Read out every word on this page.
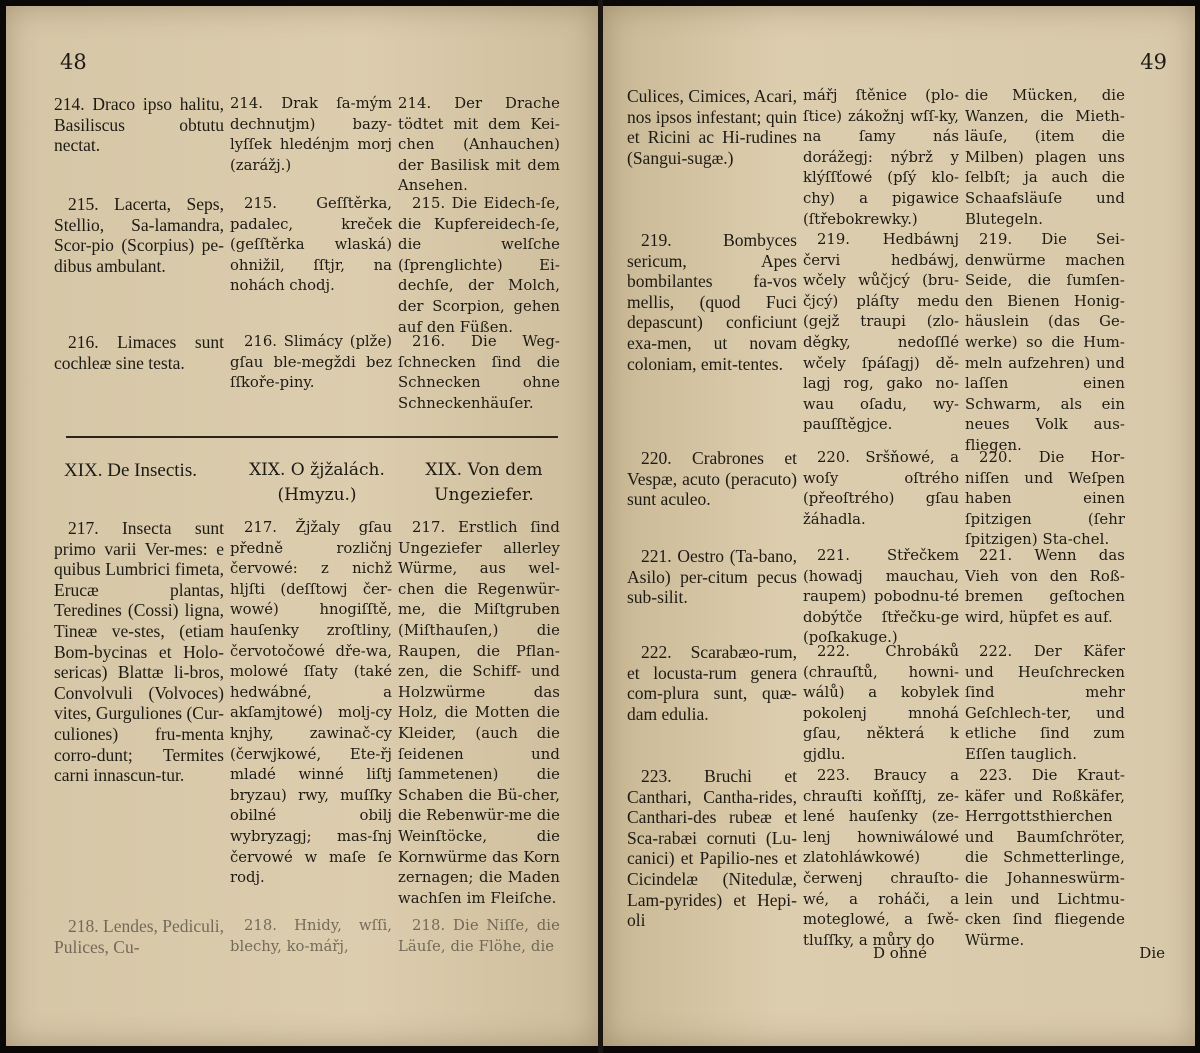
48
214. Draco ipso halitu, Basiliscus obtutu nectat.
214. Drak ſa-mým dechnutjm) bazy-lyſſek hledénjm morj (zarážj.)
214. Der Drache tödtet mit dem Kei-chen (Anhauchen) der Basilisk mit dem Ansehen.
215. Lacerta, Seps, Stellio, Sa-lamandra, Scor-pio (Scorpius) pe-dibus ambulant.
215. Geſſtěrka, padalec, kreček (geſſtěrka wlaská) ohnižil, ſſtjr, na nohách chodj.
215. Die Eidech-ſe, die Kupfereidech-ſe, die welſche (ſprenglichte) Ei-dechſe, der Molch, der Scorpion, gehen auf den Füßen.
216. Limaces sunt cochleæ sine testa.
216. Slimácy (plže) gſau ble-megždi bez ſſkoře-piny.
216. Die Weg-ſchnecken ſind die Schnecken ohne Schneckenhäuſer.
XIX. De Insectis.	XIX. O žjžalách. (Hmyzu.)
XIX. Von dem Ungeziefer.
217. Insecta sunt primo varii Ver-mes: e quibus Lumbrici fimeta, Erucæ plantas, Teredines (Cossi) ligna, Tineæ ve-stes, (etiam Bom-bycinas et Holo-sericas) Blattæ li-bros, Convolvuli (Volvoces) vites, Gurguliones (Cur-culiones) fru-menta corro-dunt; Termites carni innascun-tur.
217. Žjžaly gſau předně rozličnj červowé: z nichž hljſti (deſſtowj čer-wowé) hnogiſſtě, hauſenky zroſtliny, červotočowé dře-wa, molowé ſſaty (také hedwábné, a akſamjtowé) molj-cy knjhy, zawinač-cy (čerwjkowé, Ete-řj mladé winné liſtj bryzau) rwy, muſſky obilné obilj wybryzagj; mas-ſnj červowé w maſe ſe rodj.
217. Erstlich ſind Ungeziefer allerley Würme, aus wel-chen die Regenwür-me, die Miſtgruben (Miſthauſen,) die Raupen, die Pflan-zen, die Schiff- und Holzwürme das Holz, die Motten die Kleider, (auch die ſeidenen und ſammetenen) die Schaben die Bü-cher, die Rebenwür-me die Weinſtöcke, die Kornwürme das Korn zernagen; die Maden wachſen im Fleiſche.
218. Lendes, Pediculi, Pulices, Cu-
218. Hnidy, wſſi, blechy, ko-mářj,
218. Die Niſſe, die Läuſe, die Flöhe, die
49
Culices, Cimices, Acari, nos ipsos infestant; quin et Ricini ac Hi-rudines (Sangui-sugæ.)
mářj ſtěnice (plo-ſtice) zákožnj wſſ-ky, na ſamy nás dorážegj: nýbrž y klýſſťowé (pſý klo-chy) a pigawice (ſtřebokrewky.)
die Mücken, die Wanzen, die Mieth-läuſe, (item die Milben) plagen uns ſelbſt; ja auch die Schaafsläuſe und Blutegeln.
219. Bombyces sericum, Apes bombilantes fa-vos mellis, (quod Fuci depascunt) conficiunt exa-men, ut novam coloniam, emit-tentes.
219. Hedbáwnj červi hedbáwj, wčely wůčjcý (bru-čjcý) pláſty medu (gejž traupi (zlo-děgky, nedoſſlé wčely ſpáſagj) dě-lagj rog, gako no-wau oſadu, wy-pauſſtěgjce.
219. Die Sei-denwürme machen Seide, die ſumſen-den Bienen Honig-häuslein (das Ge-werke) so die Hum-meln aufzehren) und laſſen einen Schwarm, als ein neues Volk aus-fliegen.
220. Crabrones et Vespæ, acuto (peracuto) sunt aculeo.
220. Sršňowé, a woſy oſtrého (přeoſtrého) gſau žáhadla.
220. Die Hor-niſſen und Weſpen haben einen ſpitzigen (ſehr ſpitzigen) Sta-chel.
221. Oestro (Ta-bano, Asilo) per-citum pecus sub-silit.
221. Střečkem (howadj mauchau, raupem) pobodnu-té dobýtče ſtřečku-ge (poſkakuge.)
221. Wenn das Vieh von den Roß-bremen geſtochen wird, hüpfet es auf.
222. Scarabæo-rum, et locusta-rum genera com-plura sunt, quæ-dam edulia.
222. Chrobáků (chrauſtů, howni-wálů) a kobylek pokolenj mnohá gſau, některá k gjdlu.
222. Der Käfer und Heuſchrecken ſind mehr Geſchlech-ter, und etliche ſind zum Eſſen tauglich.
223. Bruchi et Canthari, Cantha-rides, Canthari-des rubeæ et Sca-rabæi cornuti (Lu-canici) et Papilio-nes et Cicindelæ (Nitedulæ, Lam-pyrides) et Hepi-oli
223. Braucy a chrauſti koňſſtj, ze-lené hauſenky (ze-lenj howniwálowé zlatohláwkowé) čerwenj chrauſto-wé, a roháči, a moteglowé, a ſwě-tluſſky, a můry do
223. Die Kraut-käfer und Roßkäfer, Herrgottsthierchen und Baumſchröter, die Schmetterlinge, die Johanneswürm-lein und Lichtmu-cken ſind fliegende Würme.
D ohné	Die
